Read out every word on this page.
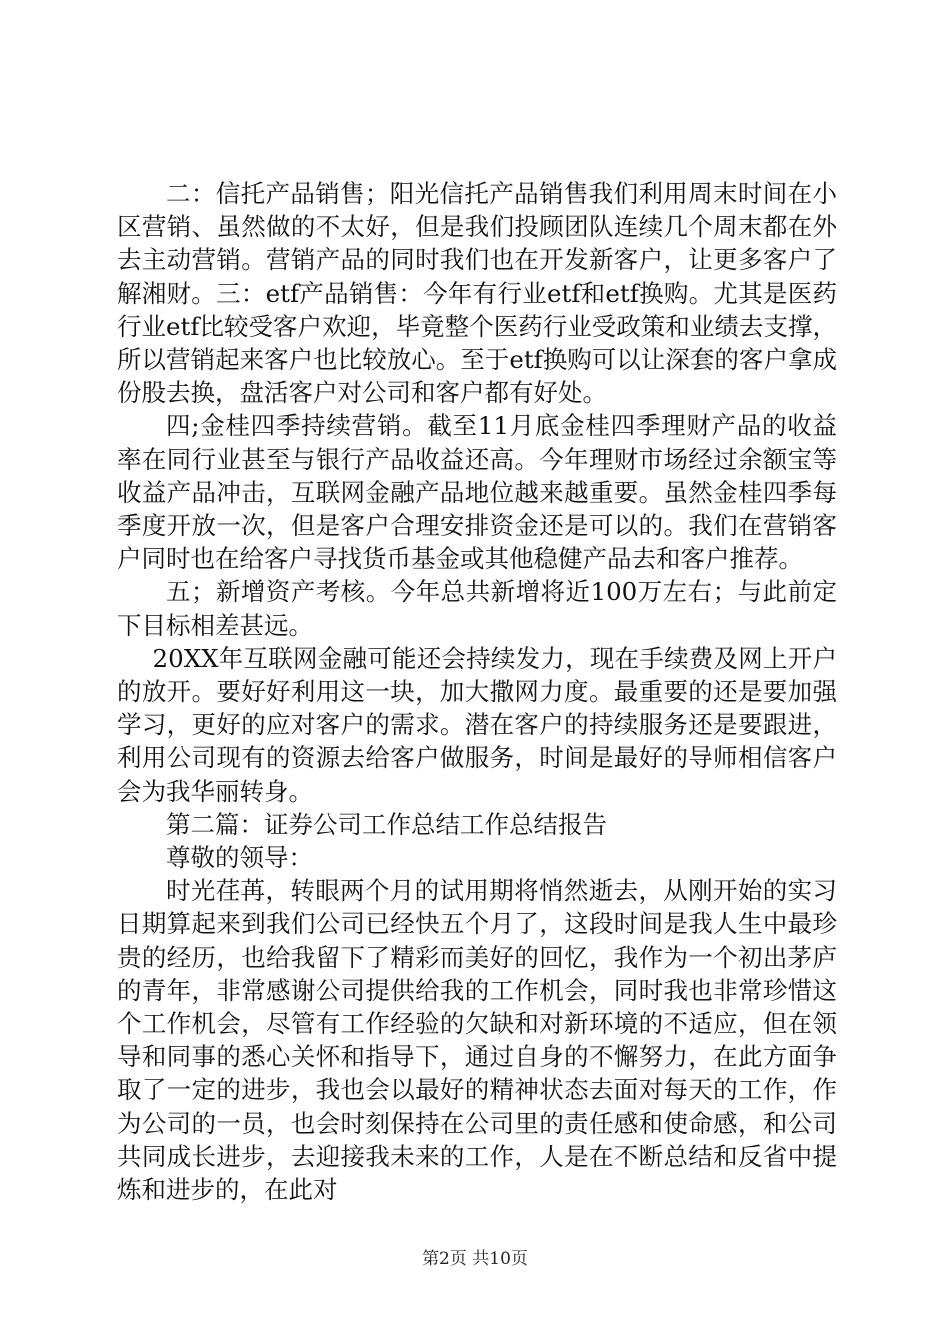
二：信托产品销售；阳光信托产品销售我们利用周末时间在小区营销、虽然做的不太好，但是我们投顾团队连续几个周末都在外去主动营销。营销产品的同时我们也在开发新客户，让更多客户了解湘财。三：etf产品销售：今年有行业etf和etf换购。尤其是医药行业etf比较受客户欢迎，毕竟整个医药行业受政策和业绩去支撑，所以营销起来客户也比较放心。至于etf换购可以让深套的客户拿成份股去换，盘活客户对公司和客户都有好处。

四;金桂四季持续营销。截至11月底金桂四季理财产品的收益率在同行业甚至与银行产品收益还高。今年理财市场经过余额宝等收益产品冲击，互联网金融产品地位越来越重要。虽然金桂四季每季度开放一次，但是客户合理安排资金还是可以的。我们在营销客户同时也在给客户寻找货币基金或其他稳健产品去和客户推荐。

五；新增资产考核。今年总共新增将近100万左右；与此前定下目标相差甚远。

20XX年互联网金融可能还会持续发力，现在手续费及网上开户的放开。要好好利用这一块，加大撒网力度。最重要的还是要加强学习，更好的应对客户的需求。潜在客户的持续服务还是要跟进，利用公司现有的资源去给客户做服务，时间是最好的导师相信客户会为我华丽转身。

第二篇：证券公司工作总结工作总结报告

尊敬的领导：

时光荏苒，转眼两个月的试用期将悄然逝去，从刚开始的实习日期算起来到我们公司已经快五个月了，这段时间是我人生中最珍贵的经历，也给我留下了精彩而美好的回忆，我作为一个初出茅庐的青年，非常感谢公司提供给我的工作机会，同时我也非常珍惜这个工作机会，尽管有工作经验的欠缺和对新环境的不适应，但在领导和同事的悉心关怀和指导下，通过自身的不懈努力，在此方面争取了一定的进步，我也会以最好的精神状态去面对每天的工作，作为公司的一员，也会时刻保持在公司里的责任感和使命感，和公司共同成长进步，去迎接我未来的工作，人是在不断总结和反省中提炼和进步的，在此对

第2页 共10页
